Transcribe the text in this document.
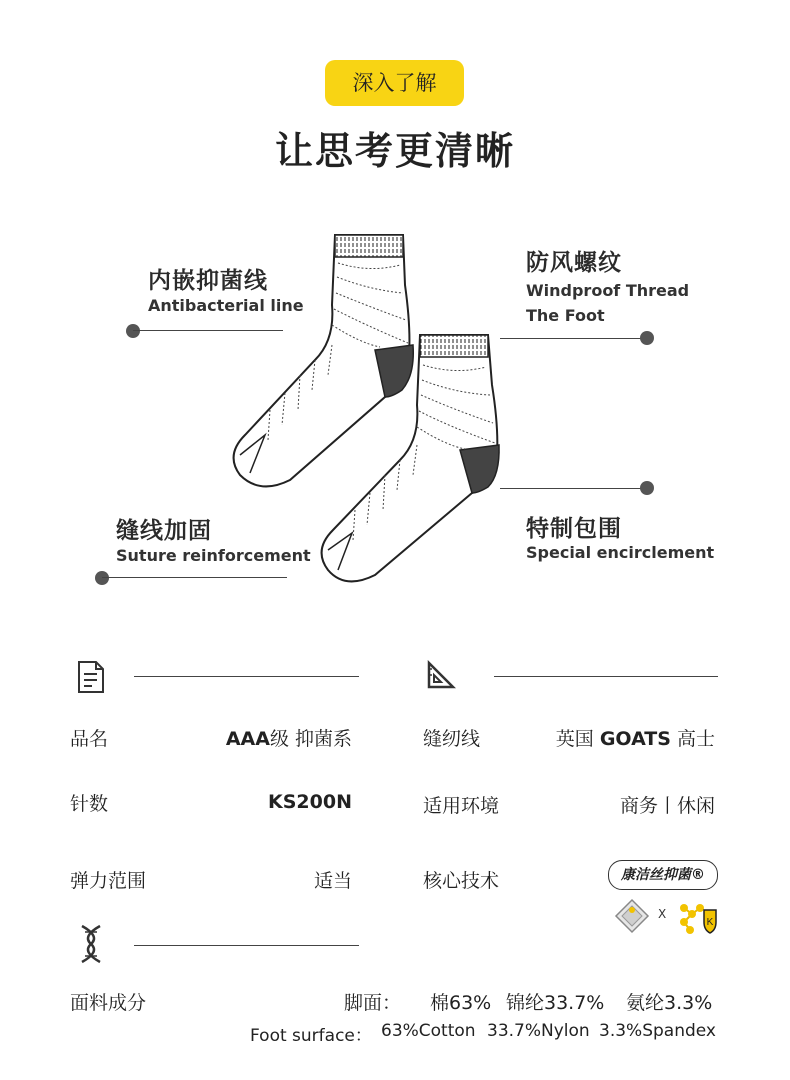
深入了解
让思考更清晰
内嵌抑菌线
Antibacterial line
防风螺纹
Windproof Thread
The Foot
缝线加固
Suture reinforcement
特制包围
Special encirclement
品名	AAA级 抑菌系	缝纫线	英国 GOATS 高士
针数	KS200N	适用环境	商务丨休闲
弹力范围	适当	核心技术	康洁丝抑菌®
X
K
面料成分	脚面： 棉63% 锦纶33.7% 氨纶3.3%
Foot surface： 63%Cotton 33.7%Nylon 3.3%Spandex
